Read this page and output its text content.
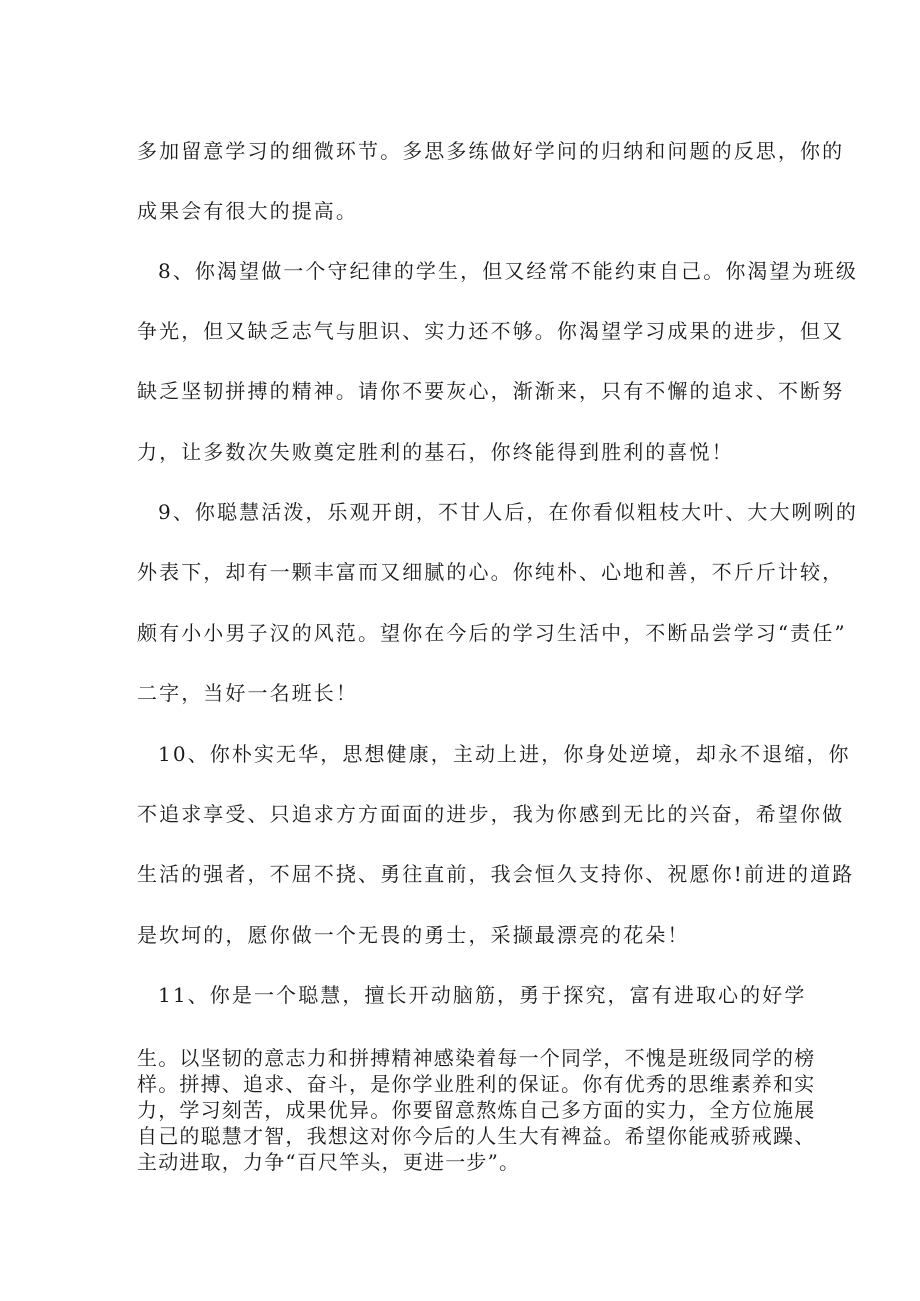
多加留意学习的细微环节。多思多练做好学问的归纳和问题的反思，你的
成果会有很大的提高。
8、你渴望做一个守纪律的学生，但又经常不能约束自己。你渴望为班级
争光，但又缺乏志气与胆识、实力还不够。你渴望学习成果的进步，但又
缺乏坚韧拼搏的精神。请你不要灰心，渐渐来，只有不懈的追求、不断努
力，让多数次失败奠定胜利的基石，你终能得到胜利的喜悦！
9、你聪慧活泼，乐观开朗，不甘人后，在你看似粗枝大叶、大大咧咧的
外表下，却有一颗丰富而又细腻的心。你纯朴、心地和善，不斤斤计较，
颇有小小男子汉的风范。望你在今后的学习生活中，不断品尝学习“责任”
二字，当好一名班长！
10、你朴实无华，思想健康，主动上进，你身处逆境，却永不退缩，你
不追求享受、只追求方方面面的进步，我为你感到无比的兴奋，希望你做
生活的强者，不屈不挠、勇往直前，我会恒久支持你、祝愿你!前进的道路
是坎坷的，愿你做一个无畏的勇士，采撷最漂亮的花朵！
11、你是一个聪慧，擅长开动脑筋，勇于探究，富有进取心的好学
生。以坚韧的意志力和拼搏精神感染着每一个同学，不愧是班级同学的榜
样。拼搏、追求、奋斗，是你学业胜利的保证。你有优秀的思维素养和实
力，学习刻苦，成果优异。你要留意熬炼自己多方面的实力，全方位施展
自己的聪慧才智，我想这对你今后的人生大有裨益。希望你能戒骄戒躁、
主动进取，力争“百尺竿头，更进一步”。
